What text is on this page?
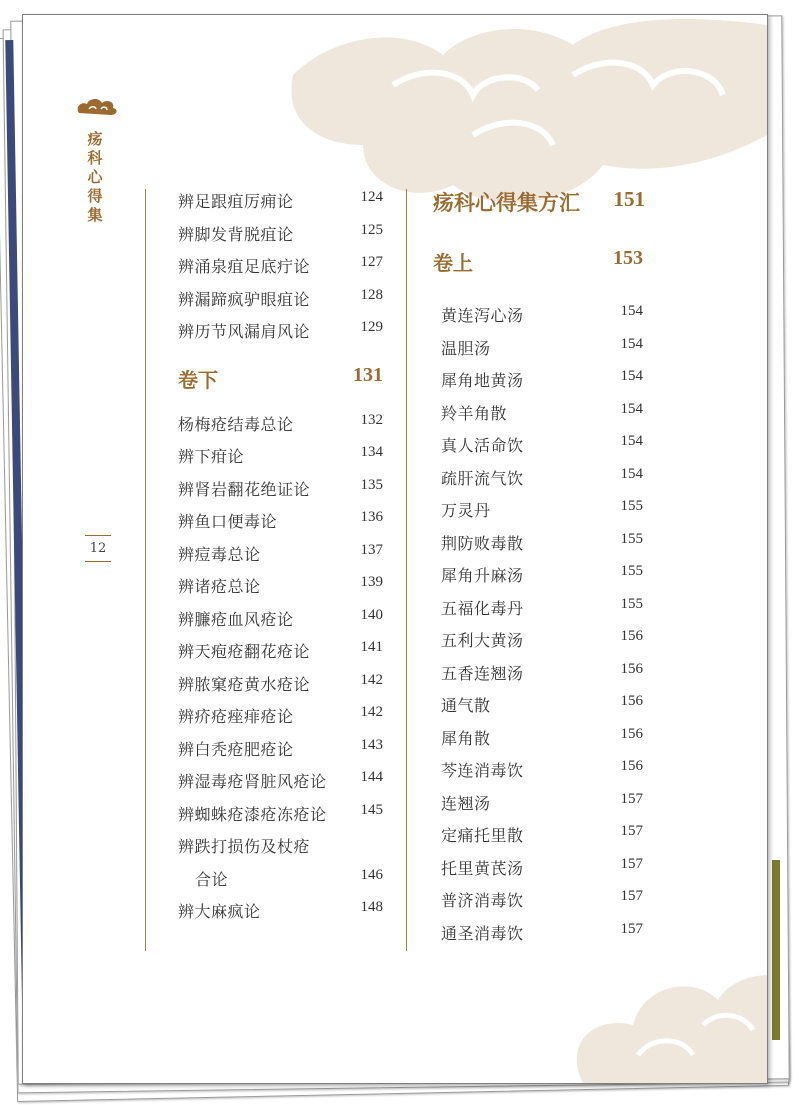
疡
科
心
得
集
12
辨足跟疽厉痈论	124
辨脚发背脱疽论	125
辨涌泉疽足底疔论	127
辨漏蹄疯驴眼疽论	128
辨历节风漏肩风论	129
卷下	131
杨梅疮结毒总论	132
辨下疳论	134
辨肾岩翻花绝证论	135
辨鱼口便毒论	136
辨痘毒总论	137
辨诸疮总论	139
辨臁疮血风疮论	140
辨天疱疮翻花疮论	141
辨脓窠疮黄水疮论	142
辨疥疮痤痱疮论	142
辨白秃疮肥疮论	143
辨湿毒疮肾脏风疮论 144
辨蜘蛛疮漆疮冻疮论 145
辨跌打损伤及杖疮
合论	146
辨大麻疯论	148
疡科心得集方汇 151
卷上	153
黄连泻心汤	154
温胆汤	154
犀角地黄汤	154
羚羊角散	154
真人活命饮	154
疏肝流气饮	154
万灵丹	155
荆防败毒散	155
犀角升麻汤	155
五福化毒丹	155
五利大黄汤	156
五香连翘汤	156
通气散	156
犀角散	156
芩连消毒饮	156
连翘汤	157
定痛托里散	157
托里黄芪汤	157
普济消毒饮	157
通圣消毒饮	157
